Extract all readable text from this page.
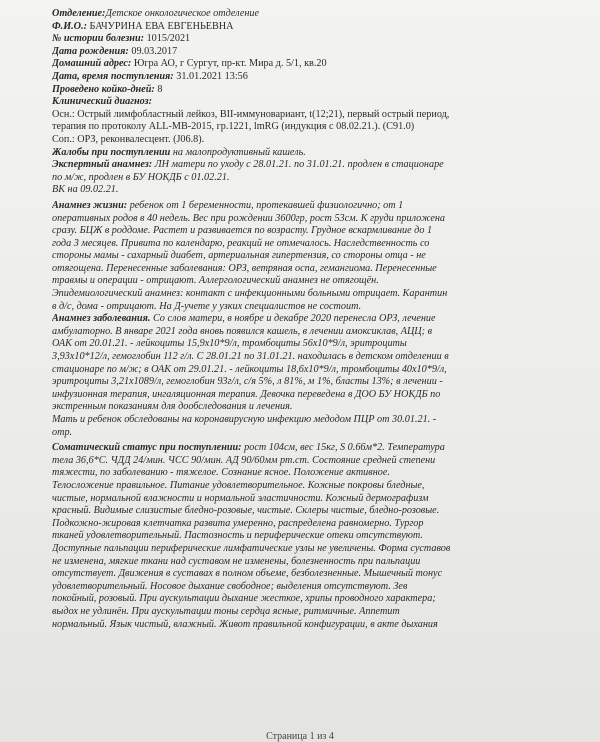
Отделение:Детское онкологическое отделение
Ф.И.О.: БАЧУРИНА ЕВА ЕВГЕНЬЕВНА
№ истории болезни: 1015/2021
Дата рождения: 09.03.2017
Домашний адрес: Югра АО, г Сургут, пр-кт. Мира д. 5/1, кв.20
Дата, время поступления: 31.01.2021 13:56
Проведено койко-дней: 8
Клинический диагноз:
Осн.: Острый лимфобластный лейкоз, BII-иммуновариант, t(12;21), первый острый период,
терапия по протоколу ALL-MB-2015, гр.1221, lmRG (индукция с 08.02.21.). (C91.0)
Соп.: ОРЗ, реконвалесцент. (J06.8).
Жалобы при поступлении на малопродуктивный кашель.
Экспертный анамнез: ЛН матери по уходу с 28.01.21. по 31.01.21. продлен в стационаре
по м/ж, продлен в БУ НОКДБ с 01.02.21.
ВК на 09.02.21.
Анамнез жизни: ребенок от 1 беременности, протекавшей физиологично; от 1
оперативных родов в 40 недель. Вес при рождении 3600гр, рост 53см. К груди приложена
сразу. БЦЖ в роддоме. Растет и развивается по возрасту. Грудное вскармливание до 1
года 3 месяцев. Привита по календарю, реакций не отмечалось. Наследственность со
стороны мамы - сахарный диабет, артериальная гипертензия, со стороны отца - не
отягощена. Перенесенные заболевания: ОРЗ, ветряная оспа, гемангиома. Перенесенные
травмы и операции - отрицают. Аллергологический анамнез не отягощён.
Эпидемиологический анамнез: контакт с инфекционными больными отрицает. Карантин
в д/с, дома - отрицают. На Д-учете у узких специалистов не состоит.
Анамнез заболевания. Со слов матери, в ноябре и декабре 2020 перенесла ОРЗ, лечение
амбулаторно. В январе 2021 года вновь появился кашель, в лечении амоксиклав, АЦЦ; в
ОАК от 20.01.21. - лейкоциты 15,9х10*9/л, тромбоциты 56х10*9/л, эритроциты
3,93х10*12/л, гемоглобин 112 г/л. С 28.01.21 по 31.01.21. находилась в детском отделении в
стационаре по м/ж; в ОАК от 29.01.21. - лейкоциты 18,6х10*9/л, тромбоциты 40х10*9/л,
эритроциты 3,21х1089/л, гемоглобин 93г/л, с/я 5%, л 81%, м 1%, бласты 13%; в лечении -
инфузионная терапия, ингаляционная терапия. Девочка переведена в ДОО БУ НОКДБ по
экстренным показаниям для дообследования и лечения.
Мать и ребенок обследованы на коронавирусную инфекцию медодом ПЦР от 30.01.21. -
отр.
Соматический статус при поступлении: рост 104см, вес 15кг, S 0.66м*2. Температура
тела 36,6*С. ЧДД 24/мин. ЧСС 90/мин. АД 90/60мм рт.ст. Состояние средней степени
тяжести, по заболеванию - тяжелое. Сознание ясное. Положение активное.
Телосложение правильное. Питание удовлетворительное. Кожные покровы бледные,
чистые, нормальной влажности и нормальной эластичности. Кожный дермографизм
красный. Видимые слизистые бледно-розовые, чистые. Склеры чистые, бледно-розовые.
Подкожно-жировая клетчатка развита умеренно, распределена равномерно. Тургор
тканей удовлетворительный. Пастозность и периферические отеки отсутствуют.
Доступные пальпации периферические лимфатические узлы не увеличены. Форма суставов
не изменена, мягкие ткани над суставом не изменены, болезненность при пальпации
отсутствует. Движения в суставах в полном объеме, безболезненные. Мышечный тонус
удовлетворительный. Носовое дыхание свободное; выделения отсутствуют. Зев
покойный, розовый. При аускультации дыхание жесткое, хрипы проводного характера;
выдох не удлинён. При аускультации тоны сердца ясные, ритмичные. Аппетит
нормальный. Язык чистый, влажный. Живот правильной конфигурации, в акте дыхания
Страница 1 из 4
